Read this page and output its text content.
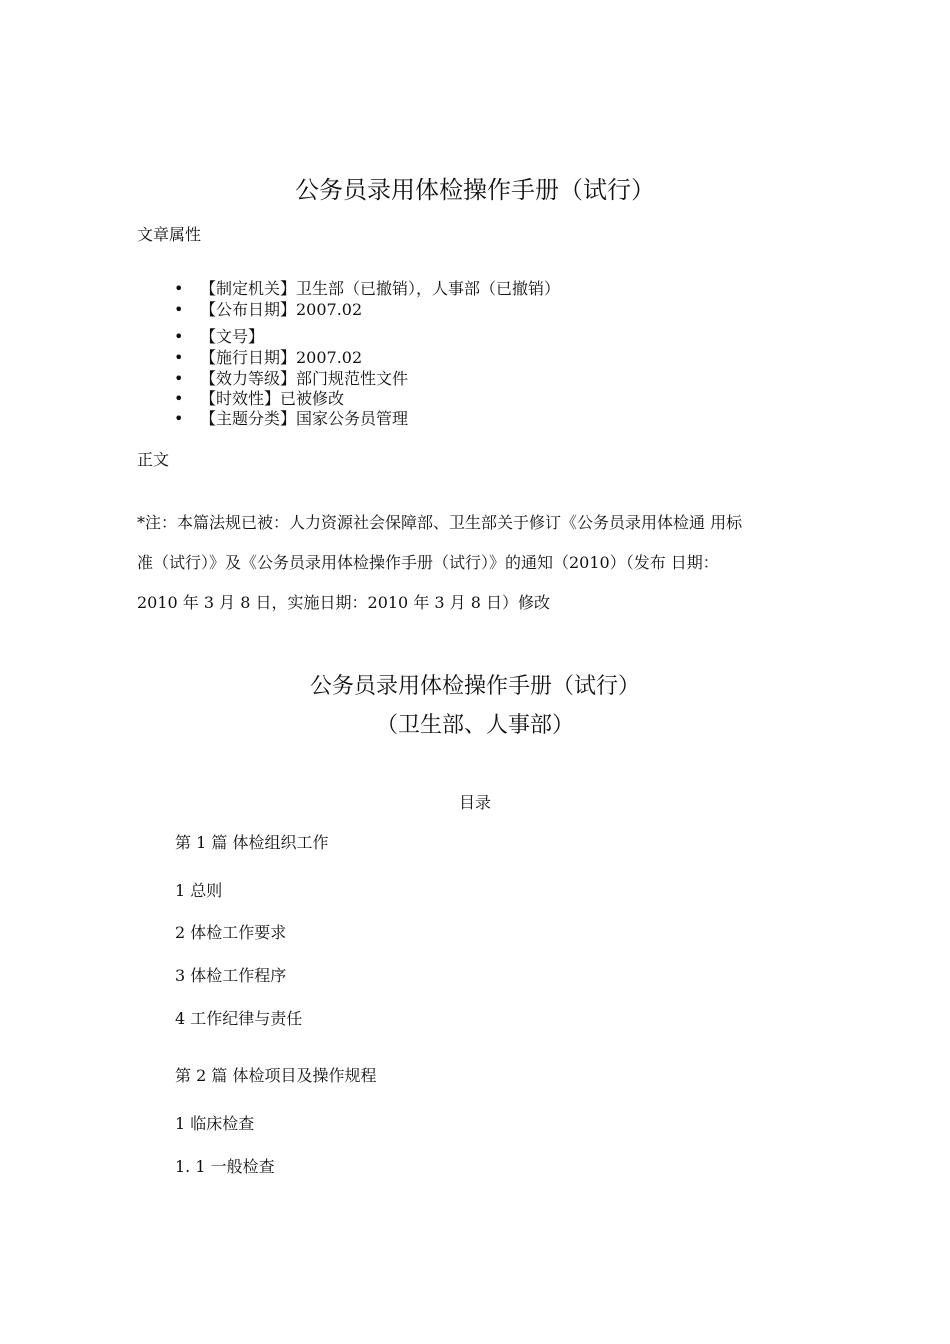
公务员录用体检操作手册（试行）
文章属性
• 【制定机关】卫生部（已撤销），人事部（已撤销）
• 【公布日期】2007.02
• 【文号】
• 【施行日期】2007.02
• 【效力等级】部门规范性文件
• 【时效性】已被修改
• 【主题分类】国家公务员管理
正文
*注：本篇法规已被：人力资源社会保障部、卫生部关于修订《公务员录用体检通 用标
准（试行）》及《公务员录用体检操作手册（试行）》的通知（2010）（发布 日期：
2010 年 3 月 8 日，实施日期：2010 年 3 月 8 日）修改
公务员录用体检操作手册（试行）
（卫生部、人事部）
目录
第 1 篇 体检组织工作
1 总则
2 体检工作要求
3 体检工作程序
4 工作纪律与责任
第 2 篇 体检项目及操作规程
1 临床检查
1. 1 一般检查
